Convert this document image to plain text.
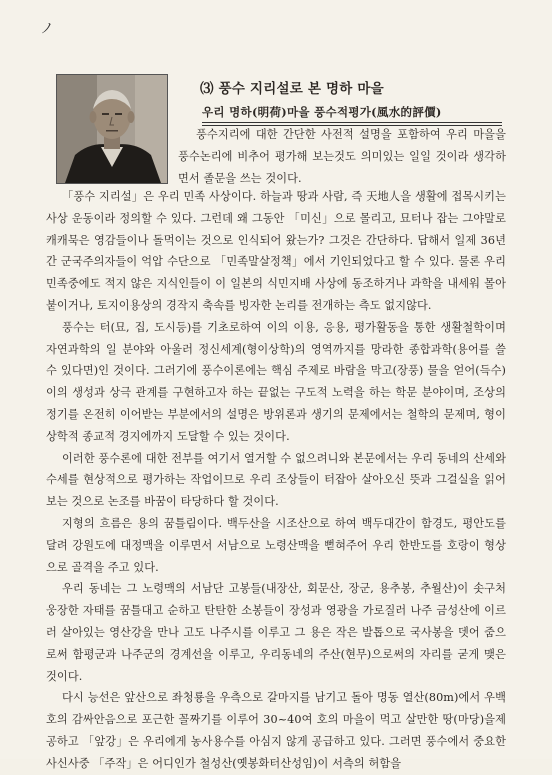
ノ
⑶ 풍수 지리설로 본 명하 마을
우리 명하(明荷)마을 풍수적평가(風水的評價)

풍수지리에 대한 간단한 사전적 설명을 포함하여 우리 마을을 풍수논리에 비추어 평가해 보는것도 의미있는 일일 것이라 생각하면서 졸문을 쓰는 것이다.

「풍수 지리설」은 우리 민족 사상이다. 하늘과 땅과 사람, 즉 天地人을 생활에 접목시키는 사상 운동이라 정의할 수 있다. 그런데 왜 그동안 「미신」으로 몰리고, 묘터나 잡는 그야말로 캐캐묵은 영감들이나 돌먹이는 것으로 인식되어 왔는가? 그것은 간단하다. 답해서 일제 36년간 군국주의자들이 억압 수단으로 「민족말살정책」에서 기인되었다고 할 수 있다. 물론 우리 민족중에도 적지 않은 지식인들이 이 일본의 식민지배 사상에 동조하거나 과학을 내세워 몰아 붙이거나, 토지이용상의 경작지 축속를 빙자한 논리를 전개하는 측도 없지않다.

풍수는 터(묘, 집, 도시등)를 기초로하여 이의 이용, 응용, 평가활동을 통한 생활철학이며 자연과학의 일 분야와 아울러 정신세계(형이상학)의 영역까지를 망라한 종합과학(용어를 쓸 수 있다면)인 것이다. 그러기에 풍수이론에는 핵심 주제로 바람을 막고(장풍) 물을 얻어(득수) 이의 생성과 상극 관계를 구현하고자 하는 끝없는 구도적 노력을 하는 학문 분야이며, 조상의 정기를 온전히 이어받는 부분에서의 설명은 방위론과 생기의 문제에서는 철학의 문제며, 형이상학적 종교적 경지에까지 도달할 수 있는 것이다.

이러한 풍수론에 대한 전부를 여기서 열거할 수 없으려니와 본문에서는 우리 동네의 산세와 수세를 현상적으로 평가하는 작업이므로 우리 조상들이 터잡아 살아오신 뜻과 그걸실을 읽어보는 것으로 논조를 바꿈이 타당하다 할 것이다.

지형의 흐름은 용의 꿈틀림이다. 백두산을 시조산으로 하여 백두대간이 함경도, 평안도를 달려 강원도에 대정맥을 이루면서 서남으로 노령산맥을 뻗혀주어 우리 한반도를 호랑이 형상으로 골격을 주고 있다.

우리 동네는 그 노령맥의 서남단 고봉들(내장산, 회문산, 장군, 용추봉, 추월산)이 솟구처 웅장한 자태를 꿈틀대고 순하고 탄탄한 소봉들이 장성과 영광을 가로질러 나주 금성산에 이르러 살아있는 영산강을 만나 고도 나주시를 이루고 그 용은 작은 발톱으로 국사봉을 뎃어 줌으로써 함평군과 나주군의 경계선을 이루고, 우리동네의 주산(현무)으로써의 자리를 굳게 맺은 것이다.

다시 능선은 앞산으로 좌청룡을 우측으로 갈마지를 남기고 돌아 명동 열산(80m)에서 우백호의 감싸안음으로 포근한 꼴짜기를 이루어 30~40여 호의 마을이 먹고 살만한 땅(마당)을제공하고 「앞강」은 우리에게 농사용수를 아심지 않게 공급하고 있다. 그러면 풍수에서 중요한 사신사중 「주작」은 어디인가 철성산(옛봉화터산성임)이 서측의 허함을
